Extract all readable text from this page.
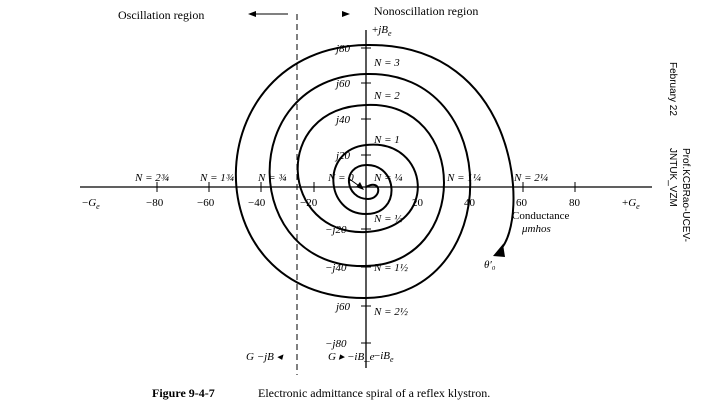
Oscillation region	Nonoscillation region
$+jB_e$
$-iB_e$
$-G_e$	$+G_e$
−80	−60	−40	−20	20	40	60	80
Conductance
μmhos
j80
j60
j40
j20
−j20
−j40
j60
−j80
N = 0 N = ¼	N = 1¼	N = 2¼
N = ¾
N = 1¾
N = 2¾
N = 1
N = 2
N = 3
N = ½
N = 1½
N = 2½
θ′₀
G −jB ◂	G ▸ −iB_e
Figure 9-4-7	Electronic admittance spiral of a reflex klystron.
February 22
Prof.KCBRao-UCEV-
JNTUK_VZM
